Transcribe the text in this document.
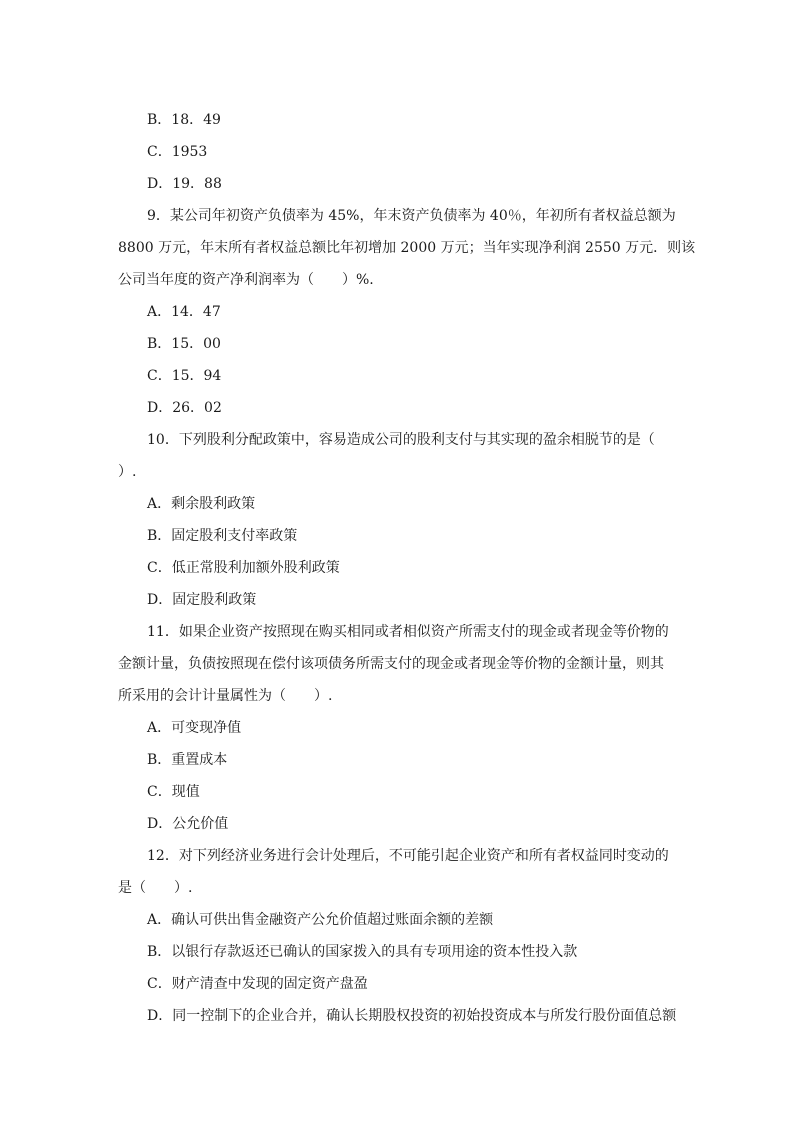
B．18．49
C．1953
D．19．88
9．某公司年初资产负债率为 45%，年末资产负债率为 40％，年初所有者权益总额为
8800 万元，年末所有者权益总额比年初增加 2000 万元；当年实现净利润 2550 万元．则该
公司当年度的资产净利润率为（　　）%.
A．14．47
B．15．00
C．15．94
D．26．02
10．下列股利分配政策中，容易造成公司的股利支付与其实现的盈余相脱节的是（
）.
A．剩余股利政策
B．固定股利支付率政策
C．低正常股利加额外股利政策
D．固定股利政策
11．如果企业资产按照现在购买相同或者相似资产所需支付的现金或者现金等价物的
金额计量，负债按照现在偿付该项债务所需支付的现金或者现金等价物的金额计量，则其
所采用的会计计量属性为（　　）.
A．可变现净值
B．重置成本
C．现值
D．公允价值
12．对下列经济业务进行会计处理后，不可能引起企业资产和所有者权益同时变动的
是（　　）.
A．确认可供出售金融资产公允价值超过账面余额的差额
B．以银行存款返还已确认的国家拨入的具有专项用途的资本性投入款
C．财产清查中发现的固定资产盘盈
D．同一控制下的企业合并，确认长期股权投资的初始投资成本与所发行股份面值总额
